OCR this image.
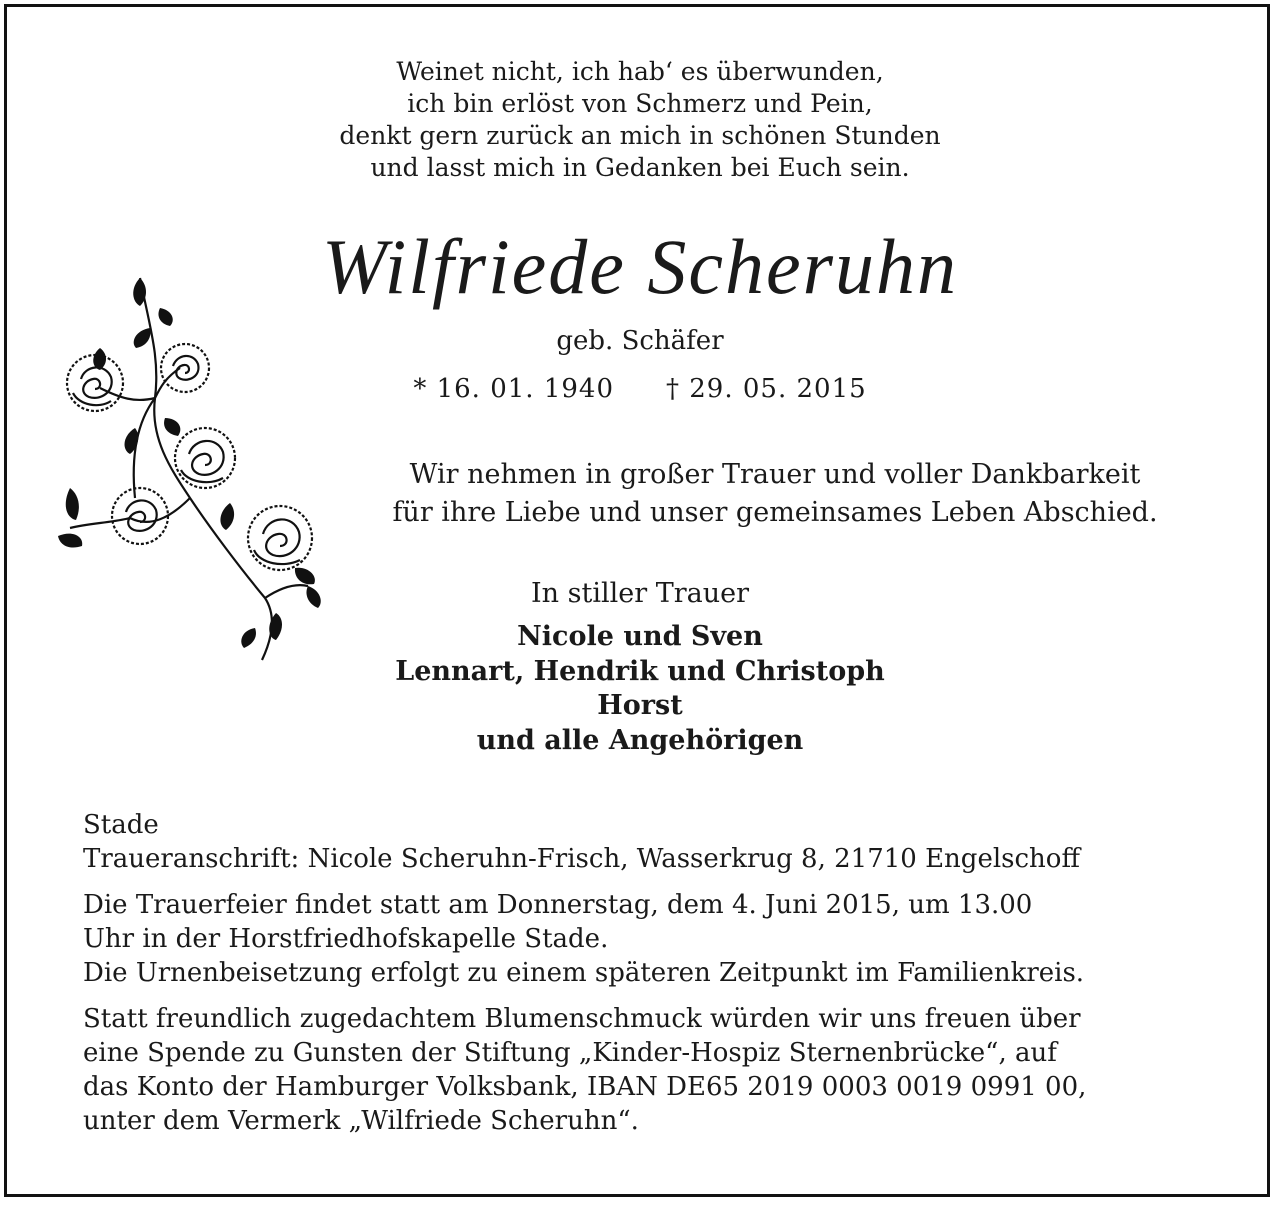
Weinet nicht, ich hab‘ es überwunden,
ich bin erlöst von Schmerz und Pein,
denkt gern zurück an mich in schönen Stunden
und lasst mich in Gedanken bei Euch sein.
Wilfriede Scheruhn
geb. Schäfer
* 16. 01. 1940 † 29. 05. 2015
Wir nehmen in großer Trauer und voller Dankbarkeit
für ihre Liebe und unser gemeinsames Leben Abschied.
In stiller Trauer
Nicole und Sven
Lennart, Hendrik und Christoph
Horst
und alle Angehörigen
Stade
Traueranschrift: Nicole Scheruhn-Frisch, Wasserkrug 8, 21710 Engelschoff
Die Trauerfeier findet statt am Donnerstag, dem 4. Juni 2015, um 13.00
Uhr in der Horstfriedhofskapelle Stade.
Die Urnenbeisetzung erfolgt zu einem späteren Zeitpunkt im Familienkreis.
Statt freundlich zugedachtem Blumenschmuck würden wir uns freuen über
eine Spende zu Gunsten der Stiftung „Kinder-Hospiz Sternenbrücke“, auf
das Konto der Hamburger Volksbank, IBAN DE65 2019 0003 0019 0991 00,
unter dem Vermerk „Wilfriede Scheruhn“.
